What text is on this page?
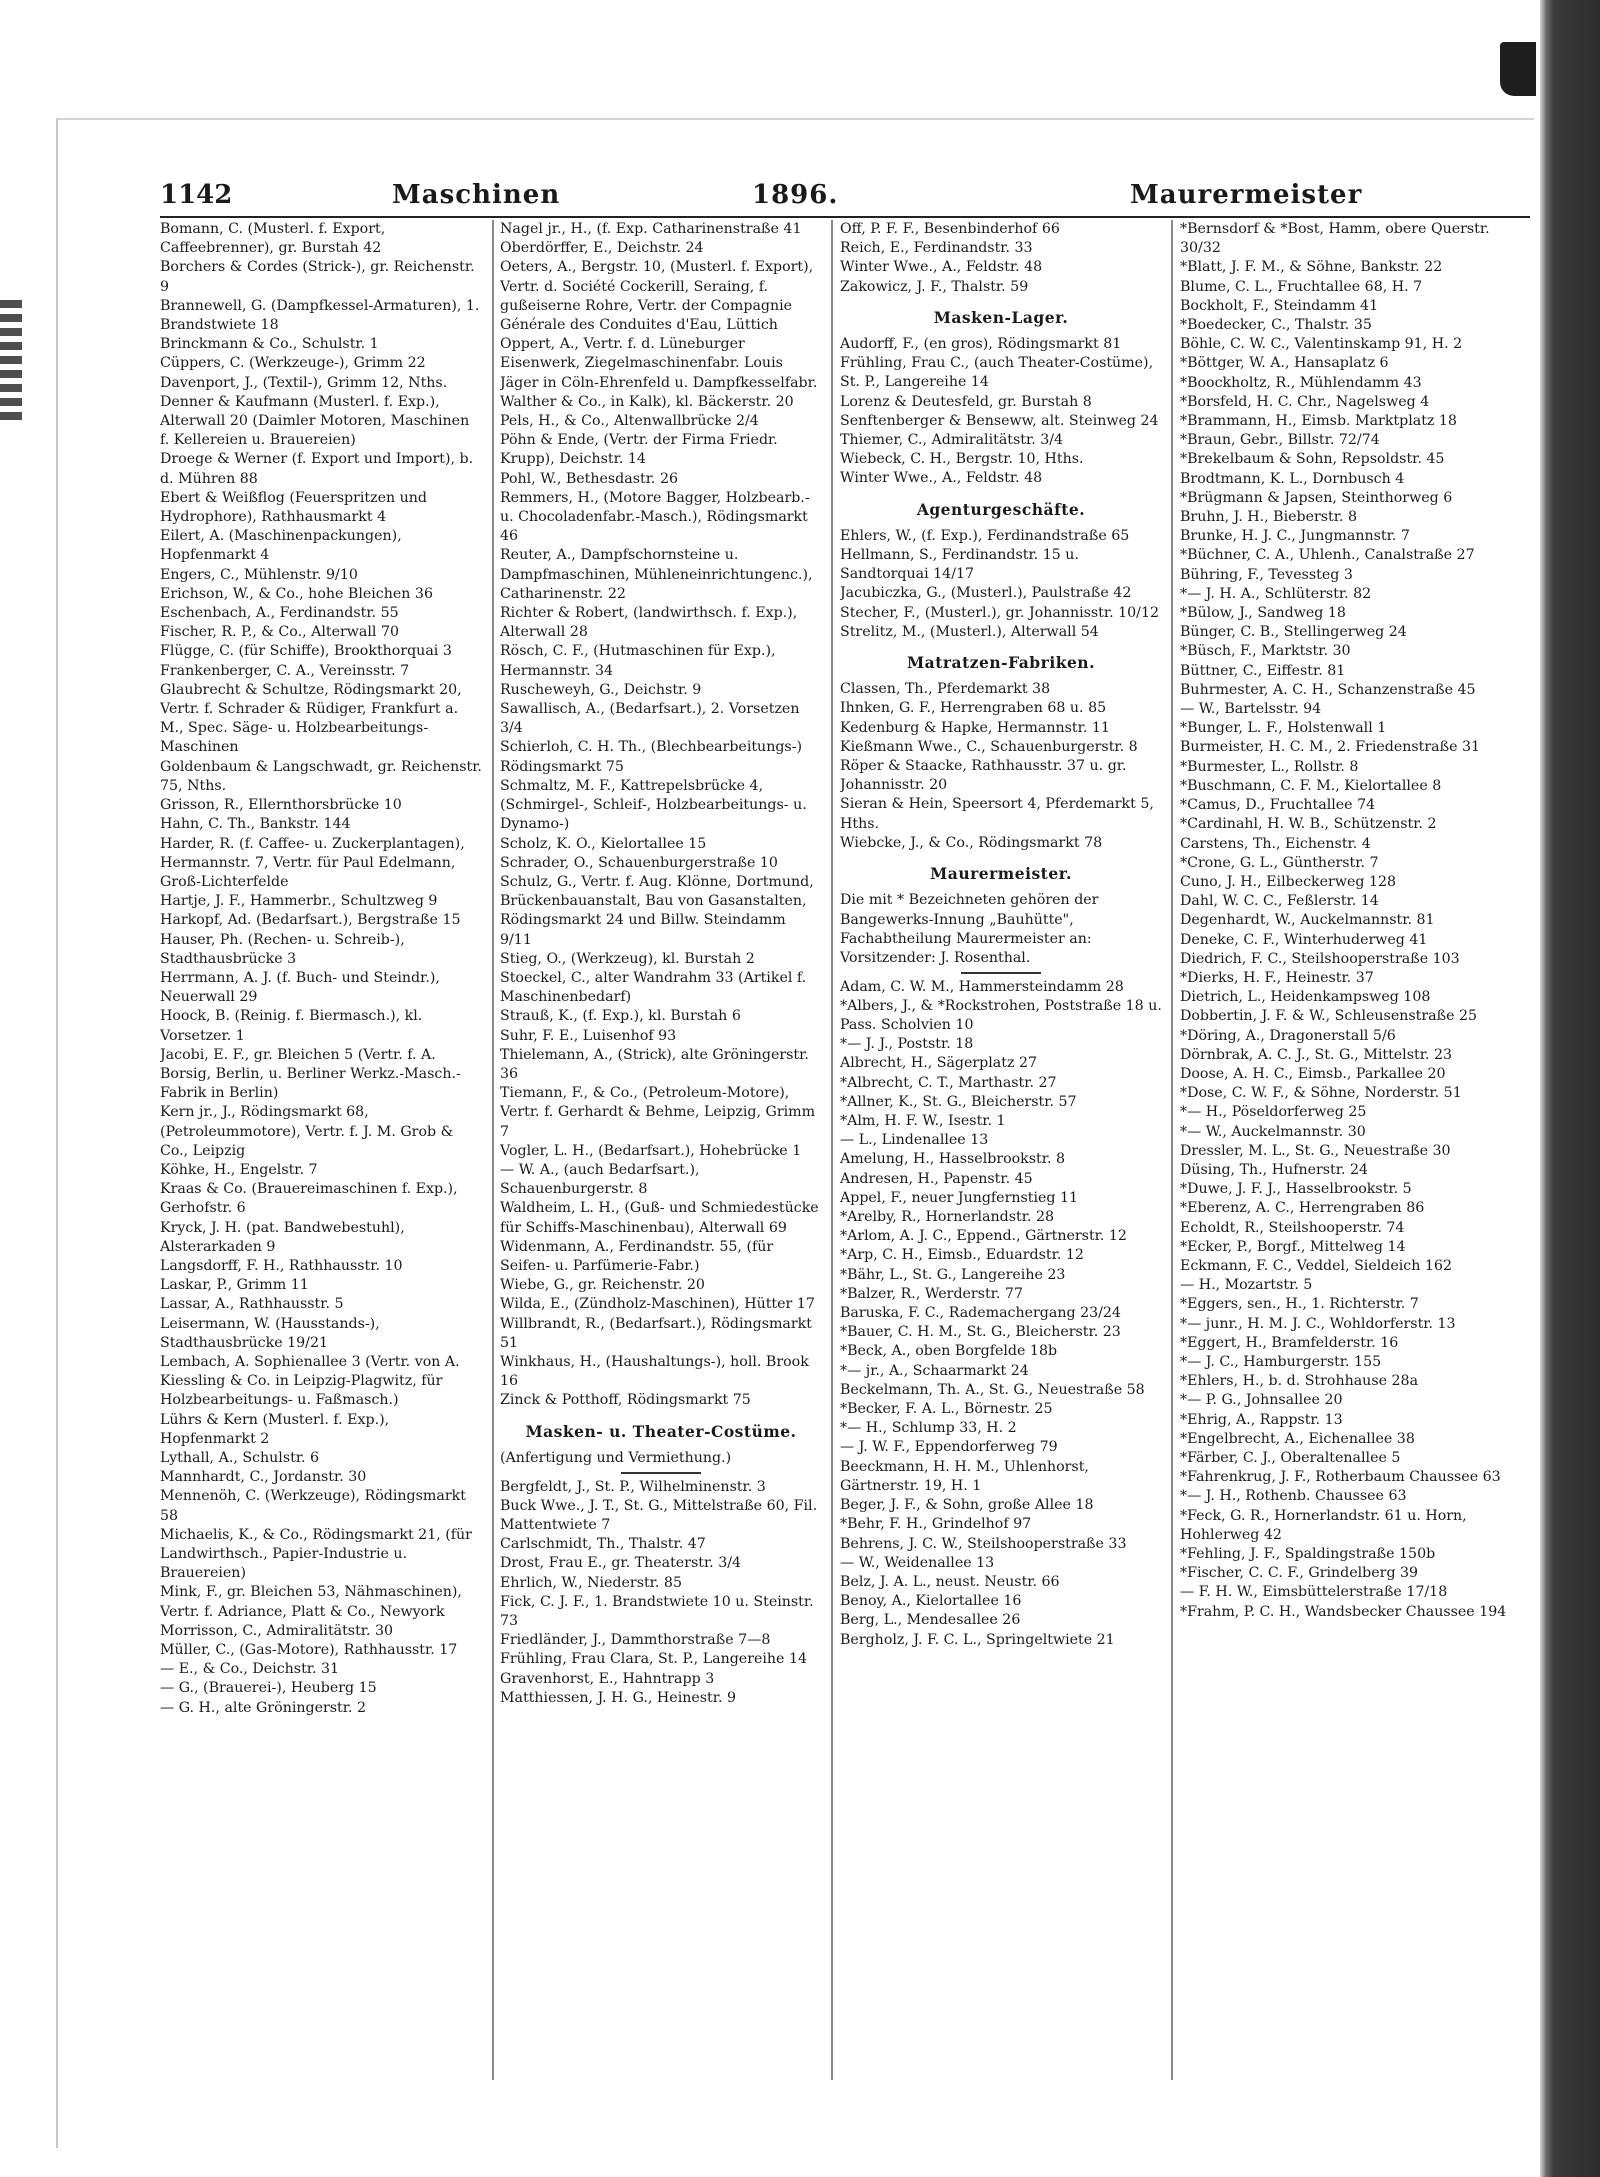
1142	Maschinen	1896.	Maurermeister

Bomann, C. (Musterl. f. Export, Caffeebrenner), gr. Burstah 42

Borchers & Cordes (Strick-), gr. Reichenstr. 9

Brannewell, G. (Dampfkessel-Armaturen), 1. Brandstwiete 18

Brinckmann & Co., Schulstr. 1

Cüppers, C. (Werkzeuge-), Grimm 22

Davenport, J., (Textil-), Grimm 12, Nths.

Denner & Kaufmann (Musterl. f. Exp.), Alterwall 20 (Daimler Motoren, Maschinen f. Kellereien u. Brauereien)

Droege & Werner (f. Export und Import), b. d. Mühren 88

Ebert & Weißflog (Feuerspritzen und Hydrophore), Rathhausmarkt 4

Eilert, A. (Maschinenpackungen), Hopfenmarkt 4

Engers, C., Mühlenstr. 9/10

Erichson, W., & Co., hohe Bleichen 36

Eschenbach, A., Ferdinandstr. 55

Fischer, R. P., & Co., Alterwall 70

Flügge, C. (für Schiffe), Brookthorquai 3

Frankenberger, C. A., Vereinsstr. 7

Glaubrecht & Schultze, Rödingsmarkt 20, Vertr. f. Schrader & Rüdiger, Frankfurt a. M., Spec. Säge- u. Holzbearbeitungs-Maschinen

Goldenbaum & Langschwadt, gr. Reichenstr. 75, Nths.

Grisson, R., Ellernthorsbrücke 10

Hahn, C. Th., Bankstr. 144

Harder, R. (f. Caffee- u. Zuckerplantagen), Hermannstr. 7, Vertr. für Paul Edelmann, Groß-Lichterfelde

Hartje, J. F., Hammerbr., Schultzweg 9

Harkopf, Ad. (Bedarfsart.), Bergstraße 15

Hauser, Ph. (Rechen- u. Schreib-), Stadthausbrücke 3

Herrmann, A. J. (f. Buch- und Steindr.), Neuerwall 29

Hoock, B. (Reinig. f. Biermasch.), kl. Vorsetzer. 1

Jacobi, E. F., gr. Bleichen 5 (Vertr. f. A. Borsig, Berlin, u. Berliner Werkz.-Masch.-Fabrik in Berlin)

Kern jr., J., Rödingsmarkt 68, (Petroleummotore), Vertr. f. J. M. Grob & Co., Leipzig

Köhke, H., Engelstr. 7

Kraas & Co. (Brauereimaschinen f. Exp.), Gerhofstr. 6

Kryck, J. H. (pat. Bandwebestuhl), Alsterarkaden 9

Langsdorff, F. H., Rathhausstr. 10

Laskar, P., Grimm 11

Lassar, A., Rathhausstr. 5

Leisermann, W. (Hausstands-), Stadthausbrücke 19/21

Lembach, A. Sophienallee 3 (Vertr. von A. Kiessling & Co. in Leipzig-Plagwitz, für Holzbearbeitungs- u. Faßmasch.)

Lührs & Kern (Musterl. f. Exp.), Hopfenmarkt 2

Lythall, A., Schulstr. 6

Mannhardt, C., Jordanstr. 30

Mennenöh, C. (Werkzeuge), Rödingsmarkt 58

Michaelis, K., & Co., Rödingsmarkt 21, (für Landwirthsch., Papier-Industrie u. Brauereien)

Mink, F., gr. Bleichen 53, Nähmaschinen), Vertr. f. Adriance, Platt & Co., Newyork

Morrisson, C., Admiralitätstr. 30

Müller, C., (Gas-Motore), Rathhausstr. 17

— E., & Co., Deichstr. 31

— G., (Brauerei-), Heuberg 15

— G. H., alte Gröningerstr. 2

Nagel jr., H., (f. Exp. Catharinenstraße 41

Oberdörffer, E., Deichstr. 24

Oeters, A., Bergstr. 10, (Musterl. f. Export), Vertr. d. Société Cockerill, Seraing, f. gußeiserne Rohre, Vertr. der Compagnie Générale des Conduites d'Eau, Lüttich

Oppert, A., Vertr. f. d. Lüneburger Eisenwerk, Ziegelmaschinenfabr. Louis Jäger in Cöln-Ehrenfeld u. Dampfkesselfabr. Walther & Co., in Kalk), kl. Bäckerstr. 20

Pels, H., & Co., Altenwallbrücke 2/4

Pöhn & Ende, (Vertr. der Firma Friedr. Krupp), Deichstr. 14

Pohl, W., Bethesdastr. 26

Remmers, H., (Motore Bagger, Holzbearb.- u. Chocoladenfabr.-Masch.), Rödingsmarkt 46

Reuter, A., Dampfschornsteine u. Dampfmaschinen, Mühleneinrichtungenc.), Catharinenstr. 22

Richter & Robert, (landwirthsch. f. Exp.), Alterwall 28

Rösch, C. F., (Hutmaschinen für Exp.), Hermannstr. 34

Ruscheweyh, G., Deichstr. 9

Sawallisch, A., (Bedarfsart.), 2. Vorsetzen 3/4

Schierloh, C. H. Th., (Blechbearbeitungs-) Rödingsmarkt 75

Schmaltz, M. F., Kattrepelsbrücke 4, (Schmirgel-, Schleif-, Holzbearbeitungs- u. Dynamo-)

Scholz, K. O., Kielortallee 15

Schrader, O., Schauenburgerstraße 10

Schulz, G., Vertr. f. Aug. Klönne, Dortmund, Brückenbauanstalt, Bau von Gasanstalten, Rödingsmarkt 24 und Billw. Steindamm 9/11

Stieg, O., (Werkzeug), kl. Burstah 2

Stoeckel, C., alter Wandrahm 33 (Artikel f. Maschinenbedarf)

Strauß, K., (f. Exp.), kl. Burstah 6

Suhr, F. E., Luisenhof 93

Thielemann, A., (Strick), alte Gröningerstr. 36

Tiemann, F., & Co., (Petroleum-Motore), Vertr. f. Gerhardt & Behme, Leipzig, Grimm 7

Vogler, L. H., (Bedarfsart.), Hohebrücke 1

— W. A., (auch Bedarfsart.), Schauenburgerstr. 8

Waldheim, L. H., (Guß- und Schmiedestücke für Schiffs-Maschinenbau), Alterwall 69

Widenmann, A., Ferdinandstr. 55, (für Seifen- u. Parfümerie-Fabr.)

Wiebe, G., gr. Reichenstr. 20

Wilda, E., (Zündholz-Maschinen), Hütter 17

Willbrandt, R., (Bedarfsart.), Rödingsmarkt 51

Winkhaus, H., (Haushaltungs-), holl. Brook 16

Zinck & Potthoff, Rödingsmarkt 75

Masken- u. Theater-Costüme.

(Anfertigung und Vermiethung.)

Bergfeldt, J., St. P., Wilhelminenstr. 3

Buck Wwe., J. T., St. G., Mittelstraße 60, Fil. Mattentwiete 7

Carlschmidt, Th., Thalstr. 47

Drost, Frau E., gr. Theaterstr. 3/4

Ehrlich, W., Niederstr. 85

Fick, C. J. F., 1. Brandstwiete 10 u. Steinstr. 73

Friedländer, J., Dammthorstraße 7—8

Frühling, Frau Clara, St. P., Langereihe 14

Gravenhorst, E., Hahntrapp 3

Matthiessen, J. H. G., Heinestr. 9

Off, P. F. F., Besenbinderhof 66

Reich, E., Ferdinandstr. 33

Winter Wwe., A., Feldstr. 48

Zakowicz, J. F., Thalstr. 59

Masken-Lager.

Audorff, F., (en gros), Rödingsmarkt 81

Frühling, Frau C., (auch Theater-Costüme), St. P., Langereihe 14

Lorenz & Deutesfeld, gr. Burstah 8

Senftenberger & Benseww, alt. Steinweg 24

Thiemer, C., Admiralitätstr. 3/4

Wiebeck, C. H., Bergstr. 10, Hths.

Winter Wwe., A., Feldstr. 48

Agenturgeschäfte.

Ehlers, W., (f. Exp.), Ferdinandstraße 65

Hellmann, S., Ferdinandstr. 15 u. Sandtorquai 14/17

Jacubiczka, G., (Musterl.), Paulstraße 42

Stecher, F., (Musterl.), gr. Johannisstr. 10/12

Strelitz, M., (Musterl.), Alterwall 54

Matratzen-Fabriken.

Classen, Th., Pferdemarkt 38

Ihnken, G. F., Herrengraben 68 u. 85

Kedenburg & Hapke, Hermannstr. 11

Kießmann Wwe., C., Schauenburgerstr. 8

Röper & Staacke, Rathhausstr. 37 u. gr. Johannisstr. 20

Sieran & Hein, Speersort 4, Pferdemarkt 5, Hths.

Wiebcke, J., & Co., Rödingsmarkt 78

Maurermeister.

Die mit * Bezeichneten gehören der Bangewerks-Innung „Bauhütte", Fachabtheilung Maurermeister an: Vorsitzender: J. Rosenthal.

Adam, C. W. M., Hammersteindamm 28

*Albers, J., & *Rockstrohen, Poststraße 18 u. Pass. Scholvien 10

*— J. J., Poststr. 18

Albrecht, H., Sägerplatz 27

*Albrecht, C. T., Marthastr. 27

*Allner, K., St. G., Bleicherstr. 57

*Alm, H. F. W., Isestr. 1

— L., Lindenallee 13

Amelung, H., Hasselbrookstr. 8

Andresen, H., Papenstr. 45

Appel, F., neuer Jungfernstieg 11

*Arelby, R., Hornerlandstr. 28

*Arlom, A. J. C., Eppend., Gärtnerstr. 12

*Arp, C. H., Eimsb., Eduardstr. 12

*Bähr, L., St. G., Langereihe 23

*Balzer, R., Werderstr. 77

Baruska, F. C., Rademachergang 23/24

*Bauer, C. H. M., St. G., Bleicherstr. 23

*Beck, A., oben Borgfelde 18b

*— jr., A., Schaarmarkt 24

Beckelmann, Th. A., St. G., Neuestraße 58

*Becker, F. A. L., Börnestr. 25

*— H., Schlump 33, H. 2

— J. W. F., Eppendorferweg 79

Beeckmann, H. H. M., Uhlenhorst, Gärtnerstr. 19, H. 1

Beger, J. F., & Sohn, große Allee 18

*Behr, F. H., Grindelhof 97

Behrens, J. C. W., Steilshooperstraße 33

— W., Weidenallee 13

Belz, J. A. L., neust. Neustr. 66

Benoy, A., Kielortallee 16

Berg, L., Mendesallee 26

Bergholz, J. F. C. L., Springeltwiete 21

*Bernsdorf & *Bost, Hamm, obere Querstr. 30/32

*Blatt, J. F. M., & Söhne, Bankstr. 22

Blume, C. L., Fruchtallee 68, H. 7

Bockholt, F., Steindamm 41

*Boedecker, C., Thalstr. 35

Böhle, C. W. C., Valentinskamp 91, H. 2

*Böttger, W. A., Hansaplatz 6

*Boockholtz, R., Mühlendamm 43

*Borsfeld, H. C. Chr., Nagelsweg 4

*Brammann, H., Eimsb. Marktplatz 18

*Braun, Gebr., Billstr. 72/74

*Brekelbaum & Sohn, Repsoldstr. 45

Brodtmann, K. L., Dornbusch 4

*Brügmann & Japsen, Steinthorweg 6

Bruhn, J. H., Bieberstr. 8

Brunke, H. J. C., Jungmannstr. 7

*Büchner, C. A., Uhlenh., Canalstraße 27

Bühring, F., Tevessteg 3

*— J. H. A., Schlüterstr. 82

*Bülow, J., Sandweg 18

Bünger, C. B., Stellingerweg 24

*Büsch, F., Marktstr. 30

Büttner, C., Eiffestr. 81

Buhrmester, A. C. H., Schanzenstraße 45

— W., Bartelsstr. 94

*Bunger, L. F., Holstenwall 1

Burmeister, H. C. M., 2. Friedenstraße 31

*Burmester, L., Rollstr. 8

*Buschmann, C. F. M., Kielortallee 8

*Camus, D., Fruchtallee 74

*Cardinahl, H. W. B., Schützenstr. 2

Carstens, Th., Eichenstr. 4

*Crone, G. L., Güntherstr. 7

Cuno, J. H., Eilbeckerweg 128

Dahl, W. C. C., Feßlerstr. 14

Degenhardt, W., Auckelmannstr. 81

Deneke, C. F., Winterhuderweg 41

Diedrich, F. C., Steilshooperstraße 103

*Dierks, H. F., Heinestr. 37

Dietrich, L., Heidenkampsweg 108

Dobbertin, J. F. & W., Schleusenstraße 25

*Döring, A., Dragonerstall 5/6

Dörnbrak, A. C. J., St. G., Mittelstr. 23

Doose, A. H. C., Eimsb., Parkallee 20

*Dose, C. W. F., & Söhne, Norderstr. 51

*— H., Pöseldorferweg 25

*— W., Auckelmannstr. 30

Dressler, M. L., St. G., Neuestraße 30

Düsing, Th., Hufnerstr. 24

*Duwe, J. F. J., Hasselbrookstr. 5

*Eberenz, A. C., Herrengraben 86

Echoldt, R., Steilshooperstr. 74

*Ecker, P., Borgf., Mittelweg 14

Eckmann, F. C., Veddel, Sieldeich 162

— H., Mozartstr. 5

*Eggers, sen., H., 1. Richterstr. 7

*— junr., H. M. J. C., Wohldorferstr. 13

*Eggert, H., Bramfelderstr. 16

*— J. C., Hamburgerstr. 155

*Ehlers, H., b. d. Strohhause 28a

*— P. G., Johnsallee 20

*Ehrig, A., Rappstr. 13

*Engelbrecht, A., Eichenallee 38

*Färber, C. J., Oberaltenallee 5

*Fahrenkrug, J. F., Rotherbaum Chaussee 63

*— J. H., Rothenb. Chaussee 63

*Feck, G. R., Hornerlandstr. 61 u. Horn, Hohlerweg 42

*Fehling, J. F., Spaldingstraße 150b

*Fischer, C. C. F., Grindelberg 39

— F. H. W., Eimsbüttelerstraße 17/18

*Frahm, P. C. H., Wandsbecker Chaussee 194
